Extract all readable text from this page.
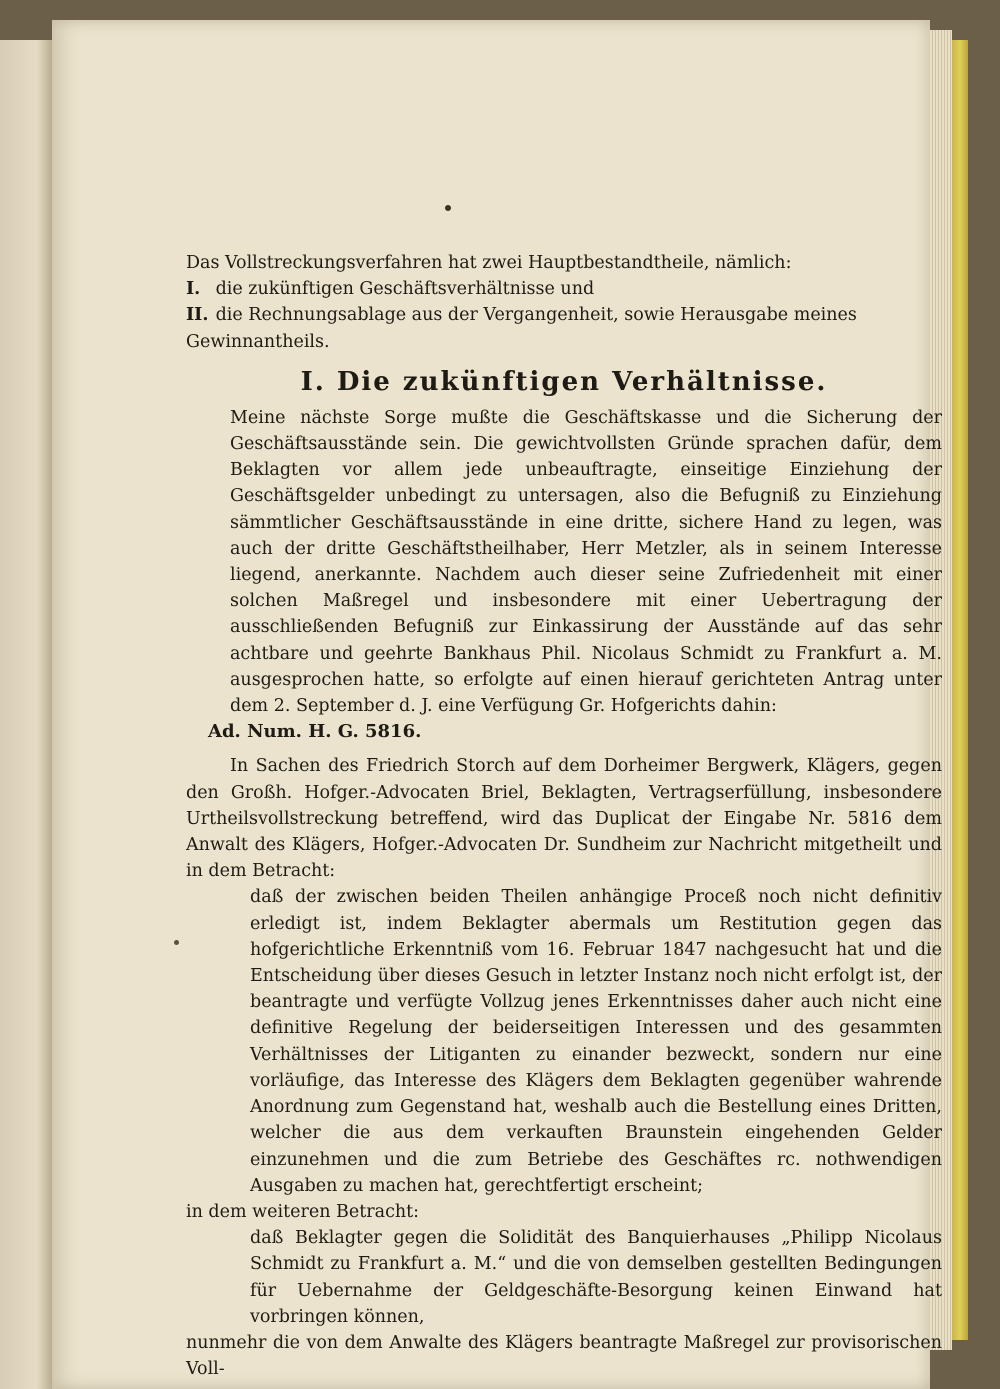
Das Vollstreckungsverfahren hat zwei Hauptbestandtheile, nämlich:

I. die zukünftigen Geschäftsverhältnisse und

II. die Rechnungsablage aus der Vergangenheit, sowie Herausgabe meines Gewinnantheils.

I. Die zukünftigen Verhältnisse.

Meine nächste Sorge mußte die Geschäftskasse und die Sicherung der Geschäftsausstände sein. Die gewichtvollsten Gründe sprachen dafür, dem Beklagten vor allem jede unbeauftragte, einseitige Einziehung der Geschäftsgelder unbedingt zu untersagen, also die Befugniß zu Einziehung sämmtlicher Geschäftsausstände in eine dritte, sichere Hand zu legen, was auch der dritte Geschäftstheilhaber, Herr Metzler, als in seinem Interesse liegend, anerkannte. Nachdem auch dieser seine Zufriedenheit mit einer solchen Maßregel und insbesondere mit einer Uebertragung der ausschließenden Befugniß zur Einkassirung der Ausstände auf das sehr achtbare und geehrte Bankhaus Phil. Nicolaus Schmidt zu Frankfurt a. M. ausgesprochen hatte, so erfolgte auf einen hierauf gerichteten Antrag unter dem 2. September d. J. eine Verfügung Gr. Hofgerichts dahin:

Ad. Num. H. G. 5816.

In Sachen des Friedrich Storch auf dem Dorheimer Bergwerk, Klägers, gegen den Großh. Hofger.-Advocaten Briel, Beklagten, Vertragserfüllung, insbesondere Urtheilsvollstreckung betreffend, wird das Duplicat der Eingabe Nr. 5816 dem Anwalt des Klägers, Hofger.-Advocaten Dr. Sundheim zur Nachricht mitgetheilt und in dem Betracht:

daß der zwischen beiden Theilen anhängige Proceß noch nicht definitiv erledigt ist, indem Beklagter abermals um Restitution gegen das hofgerichtliche Erkenntniß vom 16. Februar 1847 nachgesucht hat und die Entscheidung über dieses Gesuch in letzter Instanz noch nicht erfolgt ist, der beantragte und verfügte Vollzug jenes Erkenntnisses daher auch nicht eine definitive Regelung der beiderseitigen Interessen und des gesammten Verhältnisses der Litiganten zu einander bezweckt, sondern nur eine vorläufige, das Interesse des Klägers dem Beklagten gegenüber wahrende Anordnung zum Gegenstand hat, weshalb auch die Bestellung eines Dritten, welcher die aus dem verkauften Braunstein eingehenden Gelder einzunehmen und die zum Betriebe des Geschäftes rc. nothwendigen Ausgaben zu machen hat, gerechtfertigt erscheint;

in dem weiteren Betracht:

daß Beklagter gegen die Solidität des Banquierhauses „Philipp Nicolaus Schmidt zu Frankfurt a. M.“ und die von demselben gestellten Bedingungen für Uebernahme der Geldgeschäfte-Besorgung keinen Einwand hat vorbringen können,

nunmehr die von dem Anwalte des Klägers beantragte Maßregel zur provisorischen Voll-
